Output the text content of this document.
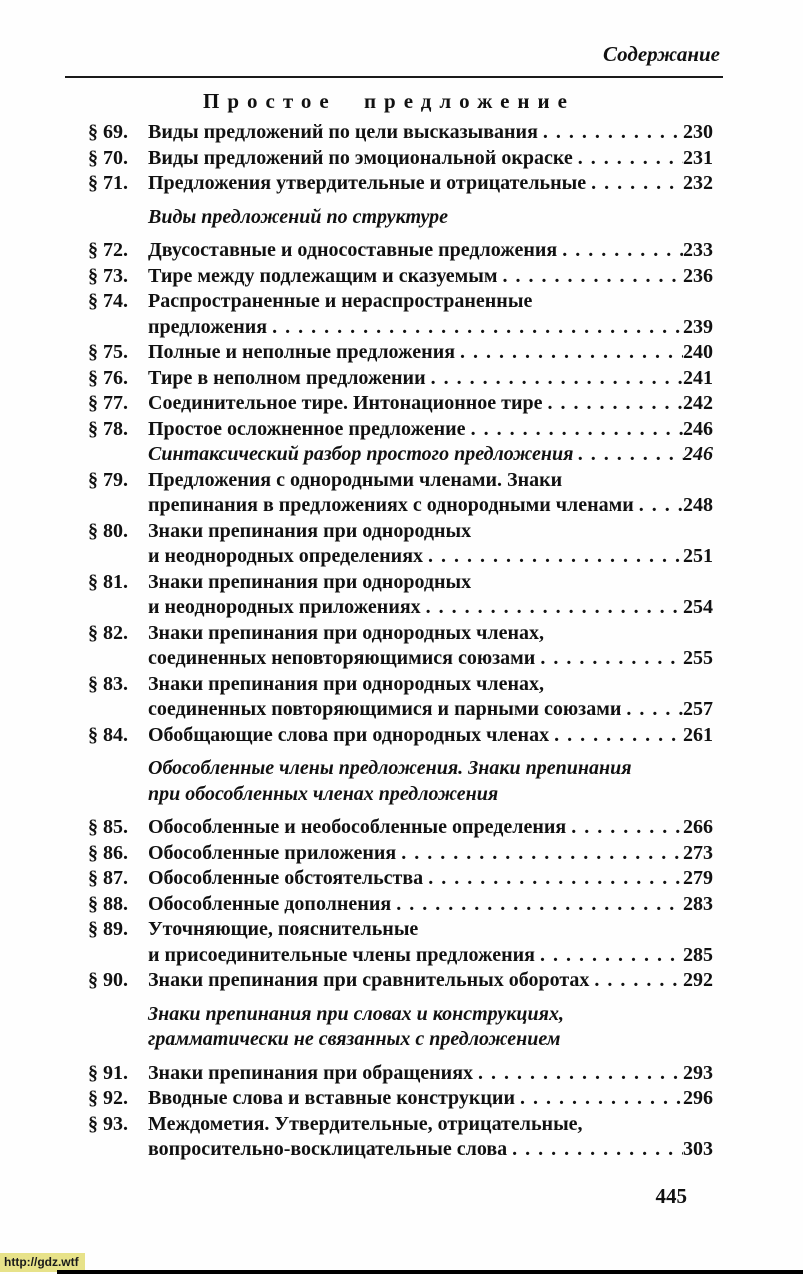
Содержание
Простое предложение
§ 69.	Виды предложений по цели высказывания .....	230
§ 70.	Виды предложений по эмоциональной окраске .....	231
§ 71.	Предложения утвердительные и отрицательные .....	232
Виды предложений по структуре
§ 72.	Двусоставные и односоставные предложения .....	233
§ 73.	Тире между подлежащим и сказуемым .....	236
§ 74.	Распространенные и нераспространенные
предложения .....	239
§ 75.	Полные и неполные предложения .....	240
§ 76.	Тире в неполном предложении .....	241
§ 77.	Соединительное тире. Интонационное тире .....	242
§ 78.	Простое осложненное предложение .....	246
Синтаксический разбор простого предложения .....	246
§ 79.	Предложения с однородными членами. Знаки
препинания в предложениях с однородными членами ..... 248
§ 80.	Знаки препинания при однородных
и неоднородных определениях .....	251
§ 81.	Знаки препинания при однородных
и неоднородных приложениях .....	254
§ 82.	Знаки препинания при однородных членах,
соединенных неповторяющимися союзами .....	255
§ 83.	Знаки препинания при однородных членах,
соединенных повторяющимися и парными союзами .....	257
§ 84.	Обобщающие слова при однородных членах .....	261
Обособленные члены предложения. Знаки препинания
при обособленных членах предложения
§ 85.	Обособленные и необособленные определения .....	266
§ 86.	Обособленные приложения .....	273
§ 87.	Обособленные обстоятельства .....	279
§ 88.	Обособленные дополнения .....	283
§ 89.	Уточняющие, пояснительные
и присоединительные члены предложения .....	285
§ 90.	Знаки препинания при сравнительных оборотах .....	292
Знаки препинания при словах и конструкциях,
грамматически не связанных с предложением
§ 91.	Знаки препинания при обращениях .....	293
§ 92.	Вводные слова и вставные конструкции .....	296
§ 93.	Междометия. Утвердительные, отрицательные,
вопросительно-восклицательные слова .....	303
445
http://gdz.wtf
